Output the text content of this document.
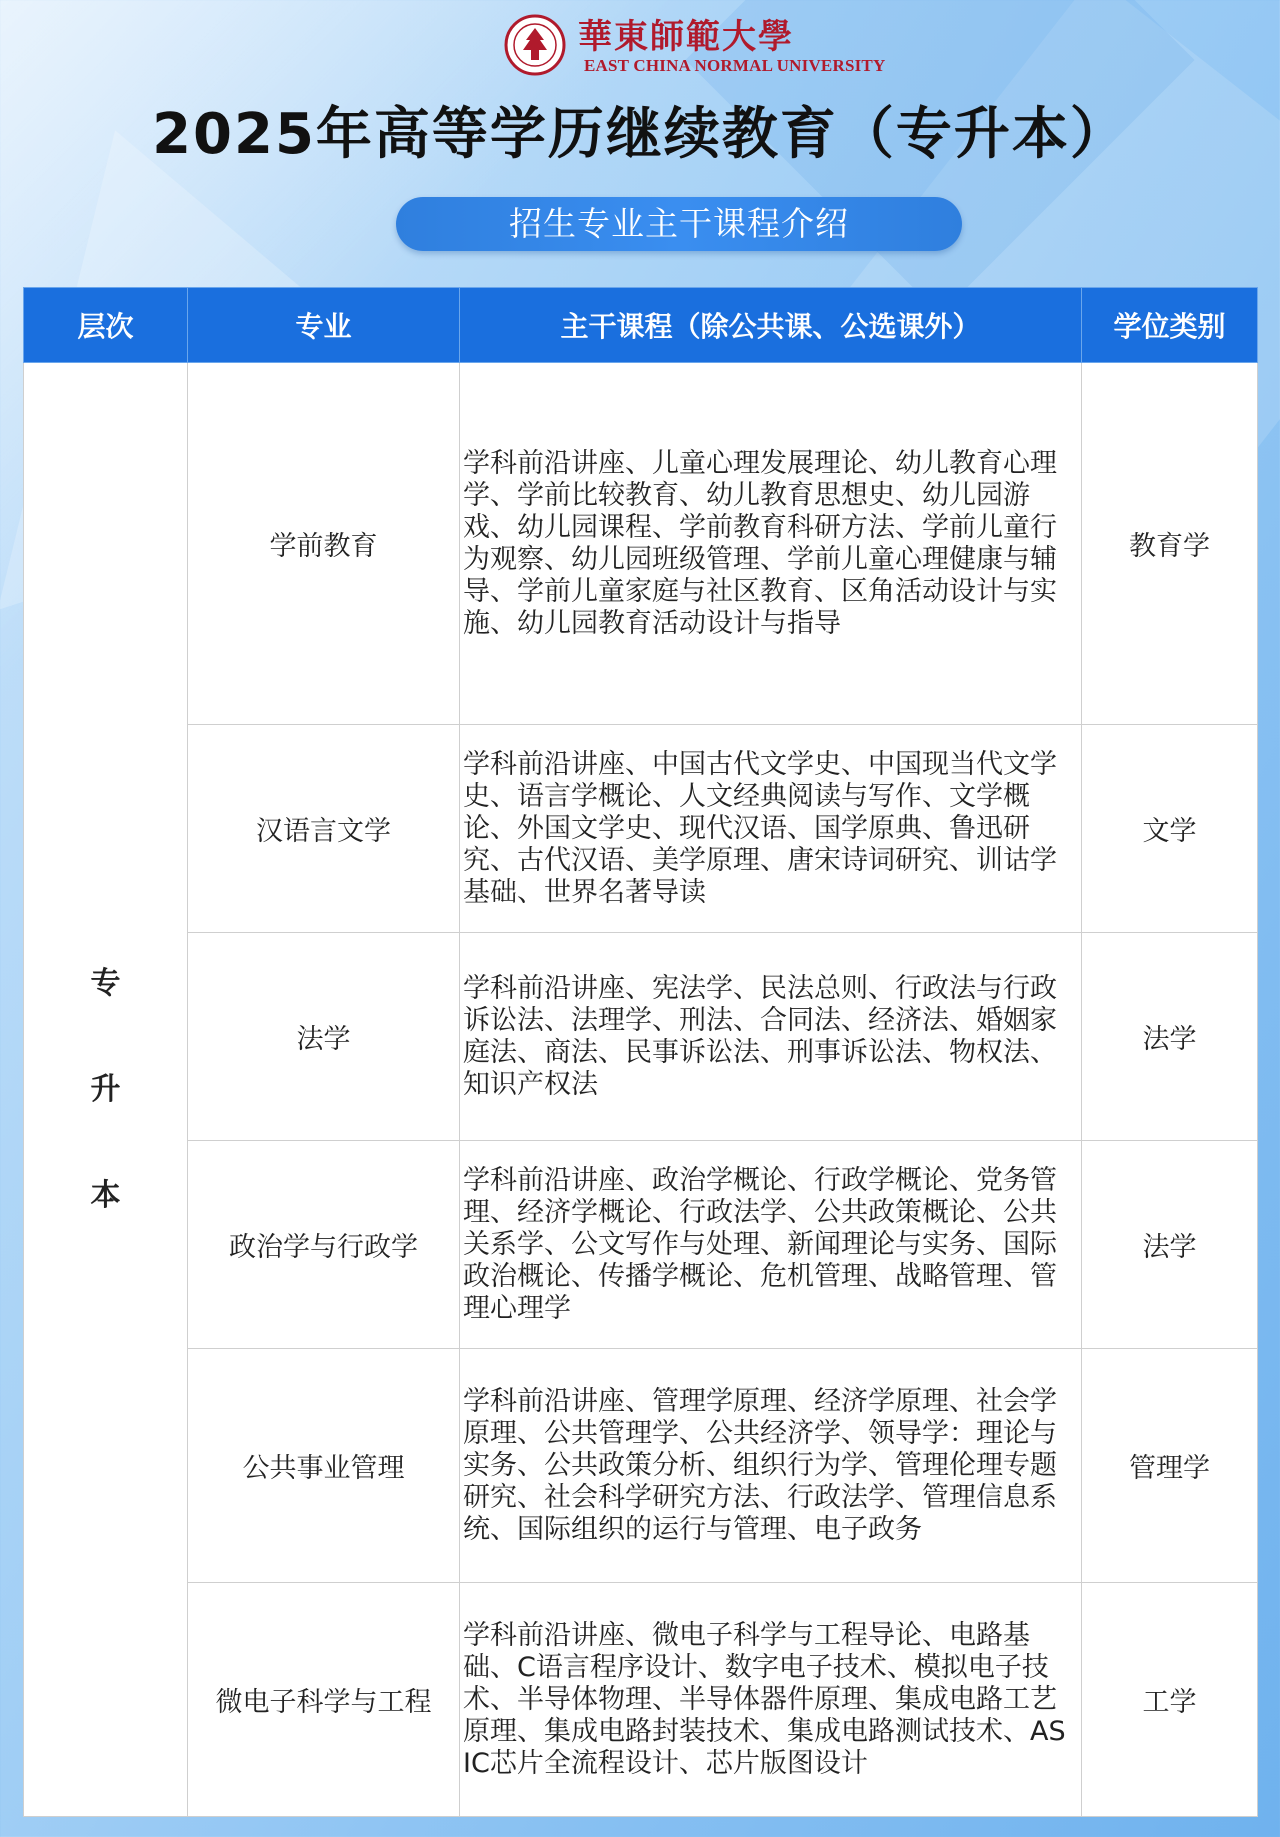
華東師範大學
EAST CHINA NORMAL UNIVERSITY
2025年高等学历继续教育（专升本）
招生专业主干课程介绍
层次	专业	主干课程（除公共课、公选课外）	学位类别

专
升
本	学前教育	学科前沿讲座、儿童心理发展理论、幼儿教育心理学、学前比较教育、幼儿教育思想史、幼儿园游戏、幼儿园课程、学前教育科研方法、学前儿童行为观察、幼儿园班级管理、学前儿童心理健康与辅导、学前儿童家庭与社区教育、区角活动设计与实施、幼儿园教育活动设计与指导	教育学
	汉语言文学	学科前沿讲座、中国古代文学史、中国现当代文学史、语言学概论、人文经典阅读与写作、文学概论、外国文学史、现代汉语、国学原典、鲁迅研究、古代汉语、美学原理、唐宋诗词研究、训诂学基础、世界名著导读	文学
	法学	学科前沿讲座、宪法学、民法总则、行政法与行政诉讼法、法理学、刑法、合同法、经济法、婚姻家庭法、商法、民事诉讼法、刑事诉讼法、物权法、知识产权法	法学
	政治学与行政学	学科前沿讲座、政治学概论、行政学概论、党务管理、经济学概论、行政法学、公共政策概论、公共关系学、公文写作与处理、新闻理论与实务、国际政治概论、传播学概论、危机管理、战略管理、管理心理学	法学
	公共事业管理	学科前沿讲座、管理学原理、经济学原理、社会学原理、公共管理学、公共经济学、领导学：理论与实务、公共政策分析、组织行为学、管理伦理专题研究、社会科学研究方法、行政法学、管理信息系统、国际组织的运行与管理、电子政务	管理学
	微电子科学与工程	学科前沿讲座、微电子科学与工程导论、电路基础、C语言程序设计、数字电子技术、模拟电子技术、半导体物理、半导体器件原理、集成电路工艺原理、集成电路封装技术、集成电路测试技术、ASIC芯片全流程设计、芯片版图设计	工学
